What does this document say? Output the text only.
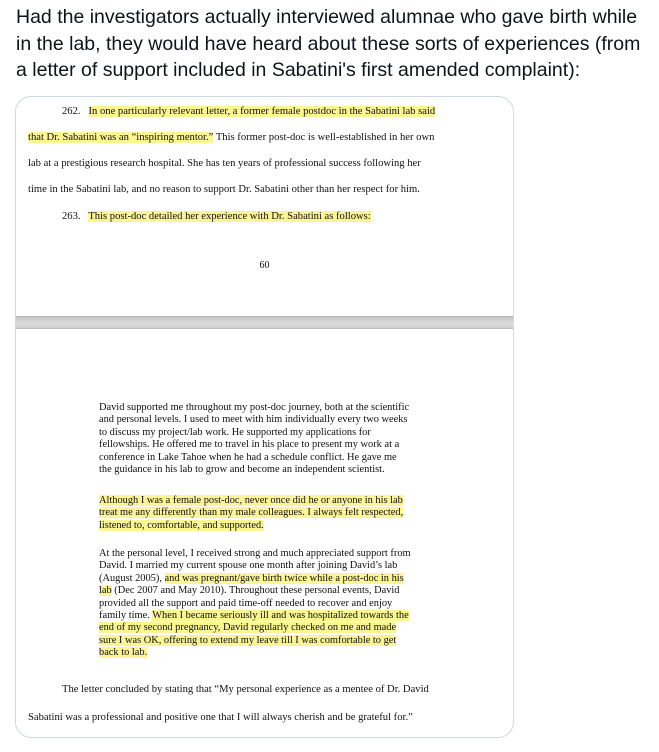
Had the investigators actually interviewed alumnae who gave birth while in the lab, they would have heard about these sorts of experiences (from a letter of support included in Sabatini's first amended complaint):

262. In one particularly relevant letter, a former female postdoc in the Sabatini lab said
that Dr. Sabatini was an “inspiring mentor.” This former post-doc is well-established in her own
lab at a prestigious research hospital. She has ten years of professional success following her
time in the Sabatini lab, and no reason to support Dr. Sabatini other than her respect for him.
263. This post-doc detailed her experience with Dr. Sabatini as follows:
60
David supported me throughout my post-doc journey, both at the scientific
and personal levels. I used to meet with him individually every two weeks
to discuss my project/lab work. He supported my applications for
fellowships. He offered me to travel in his place to present my work at a
conference in Lake Tahoe when he had a schedule conflict. He gave me
the guidance in his lab to grow and become an independent scientist.
Although I was a female post-doc, never once did he or anyone in his lab
treat me any differently than my male colleagues. I always felt respected,
listened to, comfortable, and supported.
At the personal level, I received strong and much appreciated support from
David. I married my current spouse one month after joining David’s lab
(August 2005), and was pregnant/gave birth twice while a post-doc in his
lab (Dec 2007 and May 2010). Throughout these personal events, David
provided all the support and paid time-off needed to recover and enjoy
family time. When I became seriously ill and was hospitalized towards the
end of my second pregnancy, David regularly checked on me and made
sure I was OK, offering to extend my leave till I was comfortable to get
back to lab.
The letter concluded by stating that “My personal experience as a mentee of Dr. David
Sabatini was a professional and positive one that I will always cherish and be grateful for.”
